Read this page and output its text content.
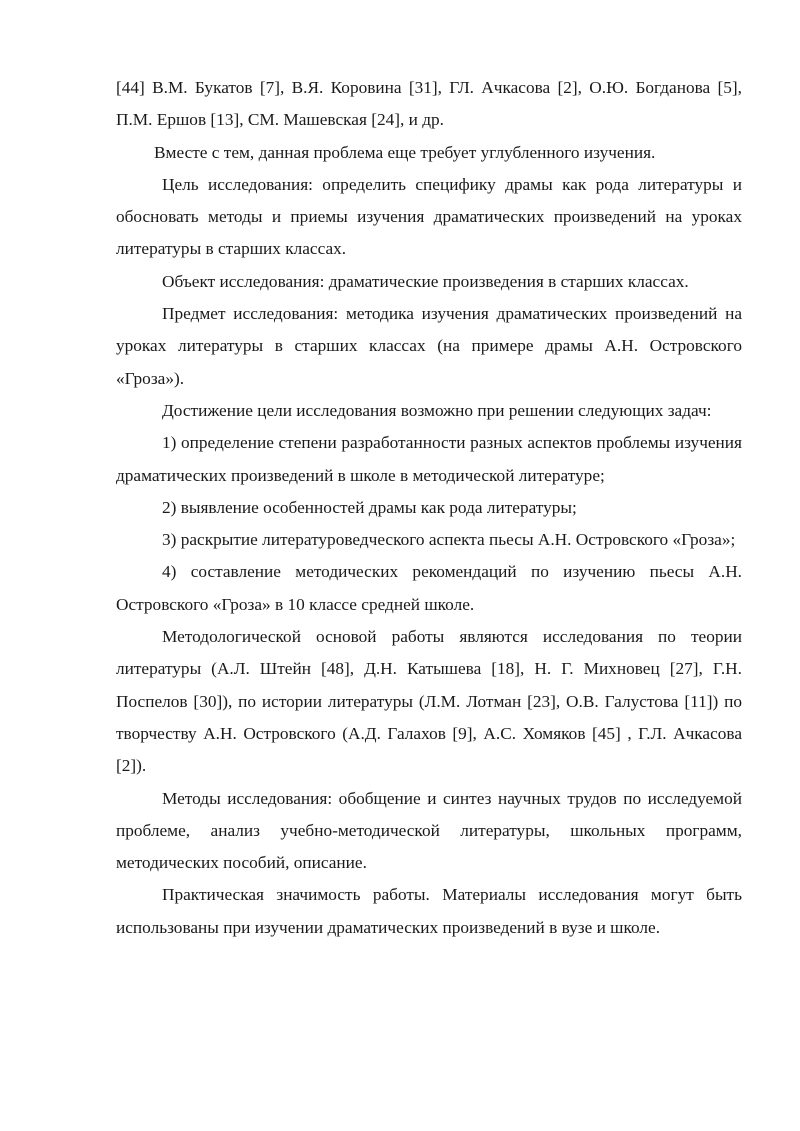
[44] В.М. Букатов [7], В.Я. Коровина [31], ГЛ. Ачкасова [2], О.Ю. Богданова [5], П.М. Ершов [13], СМ. Машевская [24], и др.

Вместе с тем, данная проблема еще требует углубленного изучения.

Цель исследования: определить специфику драмы как рода литературы и обосновать методы и приемы изучения драматических произведений на уроках литературы в старших классах.

Объект исследования: драматические произведения в старших классах.

Предмет исследования: методика изучения драматических произведений на уроках литературы в старших классах (на примере драмы А.Н. Островского «Гроза»).

Достижение цели исследования возможно при решении следующих задач:

1) определение степени разработанности разных аспектов проблемы изучения драматических произведений в школе в методической литературе;

2) выявление особенностей драмы как рода литературы;

3) раскрытие литературоведческого аспекта пьесы А.Н. Островского «Гроза»;

4) составление методических рекомендаций по изучению пьесы А.Н. Островского «Гроза» в 10 классе средней школе.

Методологической основой работы являются исследования по теории литературы (А.Л. Штейн [48], Д.Н. Катышева [18], Н. Г. Михновец [27], Г.Н. Поспелов [30]), по истории литературы (Л.М. Лотман [23], О.В. Галустова [11]) по творчеству А.Н. Островского (А.Д. Галахов [9], А.С. Хомяков [45] , Г.Л. Ачкасова [2]).

Методы исследования: обобщение и синтез научных трудов по исследуемой проблеме, анализ учебно-методической литературы, школьных программ, методических пособий, описание.

Практическая значимость работы. Материалы исследования могут быть использованы при изучении драматических произведений в вузе и школе.
